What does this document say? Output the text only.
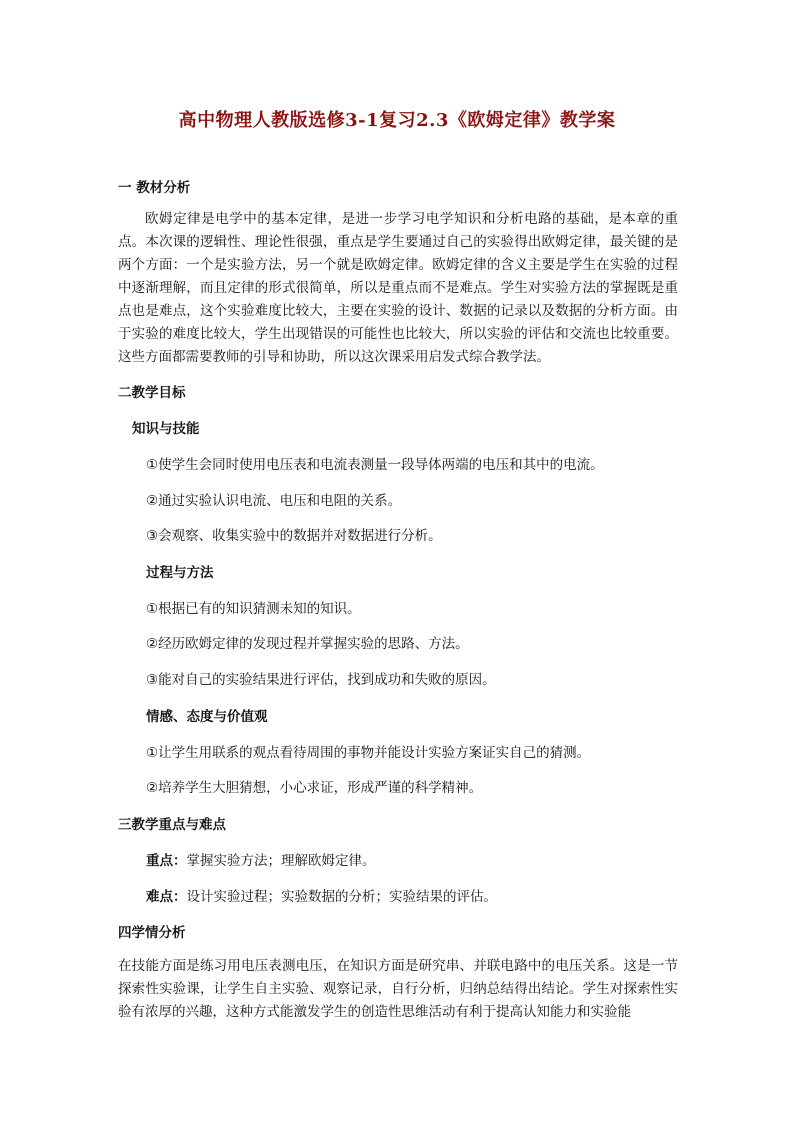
高中物理人教版选修3-1复习2.3《欧姆定律》教学案
一 教材分析

欧姆定律是电学中的基本定律，是进一步学习电学知识和分析电路的基础，是本章的重点。本次课的逻辑性、理论性很强，重点是学生要通过自己的实验得出欧姆定律，最关键的是两个方面：一个是实验方法，另一个就是欧姆定律。欧姆定律的含义主要是学生在实验的过程中逐渐理解，而且定律的形式很简单，所以是重点而不是难点。学生对实验方法的掌握既是重点也是难点，这个实验难度比较大，主要在实验的设计、数据的记录以及数据的分析方面。由于实验的难度比较大，学生出现错误的可能性也比较大，所以实验的评估和交流也比较重要。这些方面都需要教师的引导和协助，所以这次课采用启发式综合教学法。

二教学目标
知识与技能
①使学生会同时使用电压表和电流表测量一段导体两端的电压和其中的电流。
②通过实验认识电流、电压和电阻的关系。
③会观察、收集实验中的数据并对数据进行分析。
过程与方法
①根据已有的知识猜测未知的知识。
②经历欧姆定律的发现过程并掌握实验的思路、方法。
③能对自己的实验结果进行评估，找到成功和失败的原因。
情感、态度与价值观
①让学生用联系的观点看待周围的事物并能设计实验方案证实自己的猜测。
②培养学生大胆猜想，小心求证，形成严谨的科学精神。
三教学重点与难点
重点：掌握实验方法；理解欧姆定律。
难点：设计实验过程；实验数据的分析；实验结果的评估。
四学情分析

在技能方面是练习用电压表测电压，在知识方面是研究串、并联电路中的电压关系。这是一节探索性实验课，让学生自主实验、观察记录，自行分析，归纳总结得出结论。学生对探索性实验有浓厚的兴趣，这种方式能激发学生的创造性思维活动有利于提高认知能力和实验能
